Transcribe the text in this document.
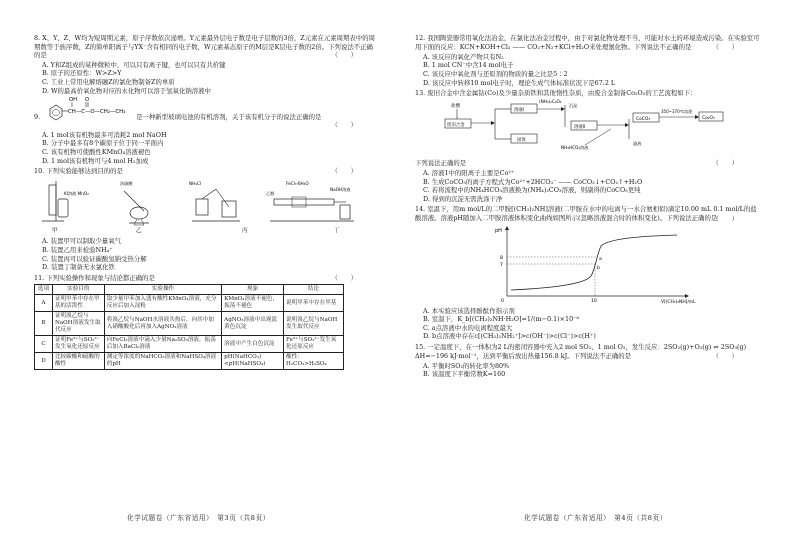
8. X、Y、Z、W均为短周期元素，原子序数依次递增。Y元素最外层电子数是电子层数的3倍，Z元素在元素周期表中的周期数等于族序数，Z的简单阳离子与YX⁻含有相同的电子数，W元素基态原子的M层是K层电子数的2倍。下列说法不正确的是	（　　）

A. Y和Z组成的某种微粒中，可以只有离子键，也可以只有共价键

B. 原子的还原性：W>Z>Y

C. 工业上常用电解熔融Z的氯化物制备Z的单质

D. W的最高价氧化物对应的水化物可以溶于氢氧化钠溶液中

9.
OH O
CH—C—O—CH₂—CH₃
是一种新型玻璃电池的有机溶剂，关于该有机分子的说法正确的是

（　　）

A. 1 mol该有机物最多可消耗2 mol NaOH

B. 分子中最多有8个碳原子位于同一平面内

C. 该有机物可使酸性KMnO₄溶液褪色

D. 1 mol该有机物可与4 mol H₂加成

10. 下列实验能够达到目的的是	（　　）

KI溶液 MnO₂
甲
浓硫酸
乙
NH₄Cl
丙
FeCl₃·6H₂O
NaOH溶液
乙醇
丁

A. 装置甲可以制取少量氧气

B. 装置乙用来检验NH₄⁺

C. 装置丙可以验证碳酸氢钠受热分解

D. 装置丁制备无水氯化铁

11. 下列实验操作和现象与结论都正确的是	（　　）

选项	实验目的	实验操作	现象	结论
A	证明甲苯中存在甲基的活泼性	取少量甲苯加入盛有酸性KMnO₄溶液，充分反应后加入淀粉	KMnO₄溶液不褪色，振荡不褪色	说明甲苯中存在甲基
B	证明溴乙烷与NaOH溶液发生取代反应	将溴乙烷与NaOH水溶液共热后，向其中加入硝酸酸化后再加入AgNO₃溶液	AgNO₃溶液中出现淡黄色沉淀	说明溴乙烷与NaOH发生取代反应
C	证明Fe³⁺与SO₃²⁻发生氧化还原反应	向FeCl₃溶液中滴入少量Na₂SO₃溶液，振荡后加入BaCl₂溶液	溶液中产生白色沉淀	Fe³⁺与SO₃²⁻发生氧化还原反应
D	比较碳酸和硫酸的酸性	测定等浓度的NaHCO₃溶液和NaHSO₄溶液的pH	pH(NaHCO₃)<pH(NaHSO₄)	酸性：H₂CO₃>H₂SO₄
化学试题卷（广东省适用）　第3页（共8页）

12. 我国陶瓷器常用氧化法冶金，在氯化法冶金过程中，由于对氯化物处理不当，可能对水土的环境造成污染。在实验室可用下面的反应：KCN+KOH+Cl₂ —— CO₂+N₂+KCl+H₂O来处理氰化物。下列说法不正确的是	（　　）

A. 该反应的氧化产物只有N₂

B. 1 mol CN⁻中含14 mol电子

C. 该反应中氧化剂与还原剂的物质的量之比是5∶2

D. 该反应中转移10 mol电子时，理论生成气体标准状况下是67.2 L

13. 废旧合金中含金属钴(Co)及少量杂质铁和其他惰性杂质，由废合金制备Co₂O₃的工艺流程如下：

盐酸
废旧合金
溶液Ⅰ
固体
(NH₄)₂C₂O₄
沉淀
溶液Ⅱ
NH₄HCO₃溶液
滤液
CoCO₃
350~370℃焙烧
Co₂O₃

下列说法正确的是	（　　）

A. 溶液1中的阳离子主要是Co²⁺

B. 生成CoCO₃的离子方程式为Co²⁺+2HCO₃⁻ —— CoCO₃↓+CO₂↑+H₂O

C. 若将流程中的NH₄HCO₃溶液换为(NH₄)₂CO₃溶液，则副得的CoCO₃更纯

D. 得到的沉淀无需洗涤干净

14. 室温下，用m mol/L的二甲胺[(CH₃)₂NH]溶液(二甲胺在水中的电离与一水合氨相似)滴定10.00 mL 0.1 mol/L的盐酸溶液。溶液pH随加入二甲胺溶液体积变化曲线如图所示(忽略溶液混合时的体积变化)。下列说法正确的是

（　　）

pH
0
8
7
10
a
b
V[(CH₃)₂NH]/mL

A. 本实验应该选择酚酞作指示剂

B. 室温下，K_b[(CH₃)₂NH·H₂O]=1/(m−0.1)×10⁻⁶

C. a点溶液中水的电离程度最大

D. b点溶液中存在c[(CH₃)₂NH₂⁺]>c(OH⁻)>c(Cl⁻)>c(H⁺)

15. 一定温度下，在一体积为2 L的密闭容器中充入2 mol SO₂、1 mol O₂，发生反应：2SO₂(g)+O₂(g) ⇌ 2SO₃(g)　ΔH=−196 kJ·mol⁻¹，达到平衡后放出热量156.8 kJ。下列说法不正确的是	（　　）

A. 平衡时SO₂的转化率为80%

B. 该温度下平衡常数K=160

化学试题卷（广东省适用）　第4页（共8页）
